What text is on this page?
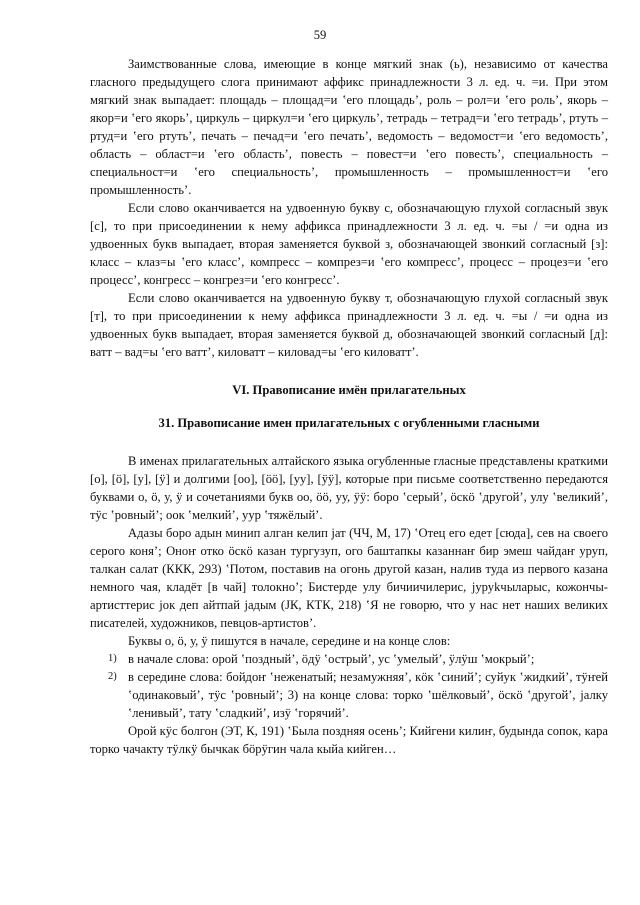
59

Заимствованные слова, имеющие в конце мягкий знак (ь), независимо от качества гласного предыдущего слога принимают аффикс принадлежности 3 л. ед. ч. =и. При этом мягкий знак выпадает: площадь – площад=и ʽего площадьʼ, роль – рол=и ʽего рольʼ, якорь – якор=и ʽего якорьʼ, циркуль – циркул=и ʽего циркульʼ, тетрадь – тетрад=и ʽего тетрадьʼ, ртуть – ртуд=и ʽего ртутьʼ, печать – печад=и ʽего печатьʼ, ведомость – ведомост=и ʽего ведомостьʼ, область – област=и ʽего областьʼ, повесть – повест=и ʽего повестьʼ, специальность – специальност=и ʽего специальностьʼ, промышленность – промышленност=и ʽего промышленностьʼ.

Если слово оканчивается на удвоенную букву с, обозначающую глухой согласный звук [с], то при присоединении к нему аффикса принадлежности 3 л. ед. ч. =ы / =и одна из удвоенных букв выпадает, вторая заменяется буквой з, обозначающей звонкий согласный [з]: класс – клаз=ы ʽего классʼ, компресс – компрез=и ʽего компрессʼ, процесс – процез=и ʽего процессʼ, конгресс – конгрез=и ʽего конгрессʼ.

Если слово оканчивается на удвоенную букву т, обозначающую глухой согласный звук [т], то при присоединении к нему аффикса принадлежности 3 л. ед. ч. =ы / =и одна из удвоенных букв выпадает, вторая заменяется буквой д, обозначающей звонкий согласный [д]: ватт – вад=ы ʽего ваттʼ, киловатт – киловад=ы ʽего киловаттʼ.

VI. Правописание имён прилагательных
31. Правописание имен прилагательных с огубленными гласными

В именах прилагательных алтайского языка огубленные гласные представлены краткими [о], [ӧ], [у], [ӱ] и долгими [оо], [ӧӧ], [уу], [ӱӱ], которые при письме соответственно передаются буквами о, ӧ, у, ӱ и сочетаниями букв оо, ӧӧ, уу, ӱӱ: боро ʽсерыйʼ, ӧскӧ ʽдругойʼ, улу ʽвеликийʼ, тӱс ʽровныйʼ; оок ʽмелкийʼ, уур ʽтяжёлыйʼ.

Адазы боро адын минип алган келип јат (ЧЧ, М, 17) ʽОтец его едет [сюда], сев на своего серого коняʼ; Оноҥ отко ӧскӧ казан тургузуп, ого баштапкы казаннаҥ бир эмеш чайдаҥ уруп, талкан салат (ККК, 293) ʽПотом, поставив на огонь другой казан, налив туда из первого казана немного чая, кладёт [в чай] толокноʼ; Бистерде улу бичиичилерис, јуруkчыларыс, кожончы-артисттерис јок деп айтпай јадым (ЈК, КТК, 218) ʽЯ не говорю, что у нас нет наших великих писателей, художников, певцов-артистовʼ.

Буквы о, ӧ, у, ӱ пишутся в начале, середине и на конце слов:

1) в начале слова: орой ʽпоздныйʼ, ӧдӱ ʽострыйʼ, ус ʽумелыйʼ, ӱлӱш ʽмокрыйʼ;

2) в середине слова: бойдоҥ ʽнеженатый; незамужняяʼ, кӧк ʽсинийʼ; суйук ʽжидкийʼ, тӱҥей ʽодинаковыйʼ, тӱс ʽровныйʼ; 3) на конце слова: торко ʽшёлковыйʼ, ӧскӧ ʽдругойʼ, јалку ʽленивыйʼ, тату ʽсладкийʼ, изӱ ʽгорячийʼ.

Орой кӱс болгон (ЭТ, К, 191) ʽБыла поздняя осеньʼ; Кийгени килиҥ, будында сопок, кара торко чачакту тӱлкӱ бычкак бӧрӱгин чала кыйа кийген…
